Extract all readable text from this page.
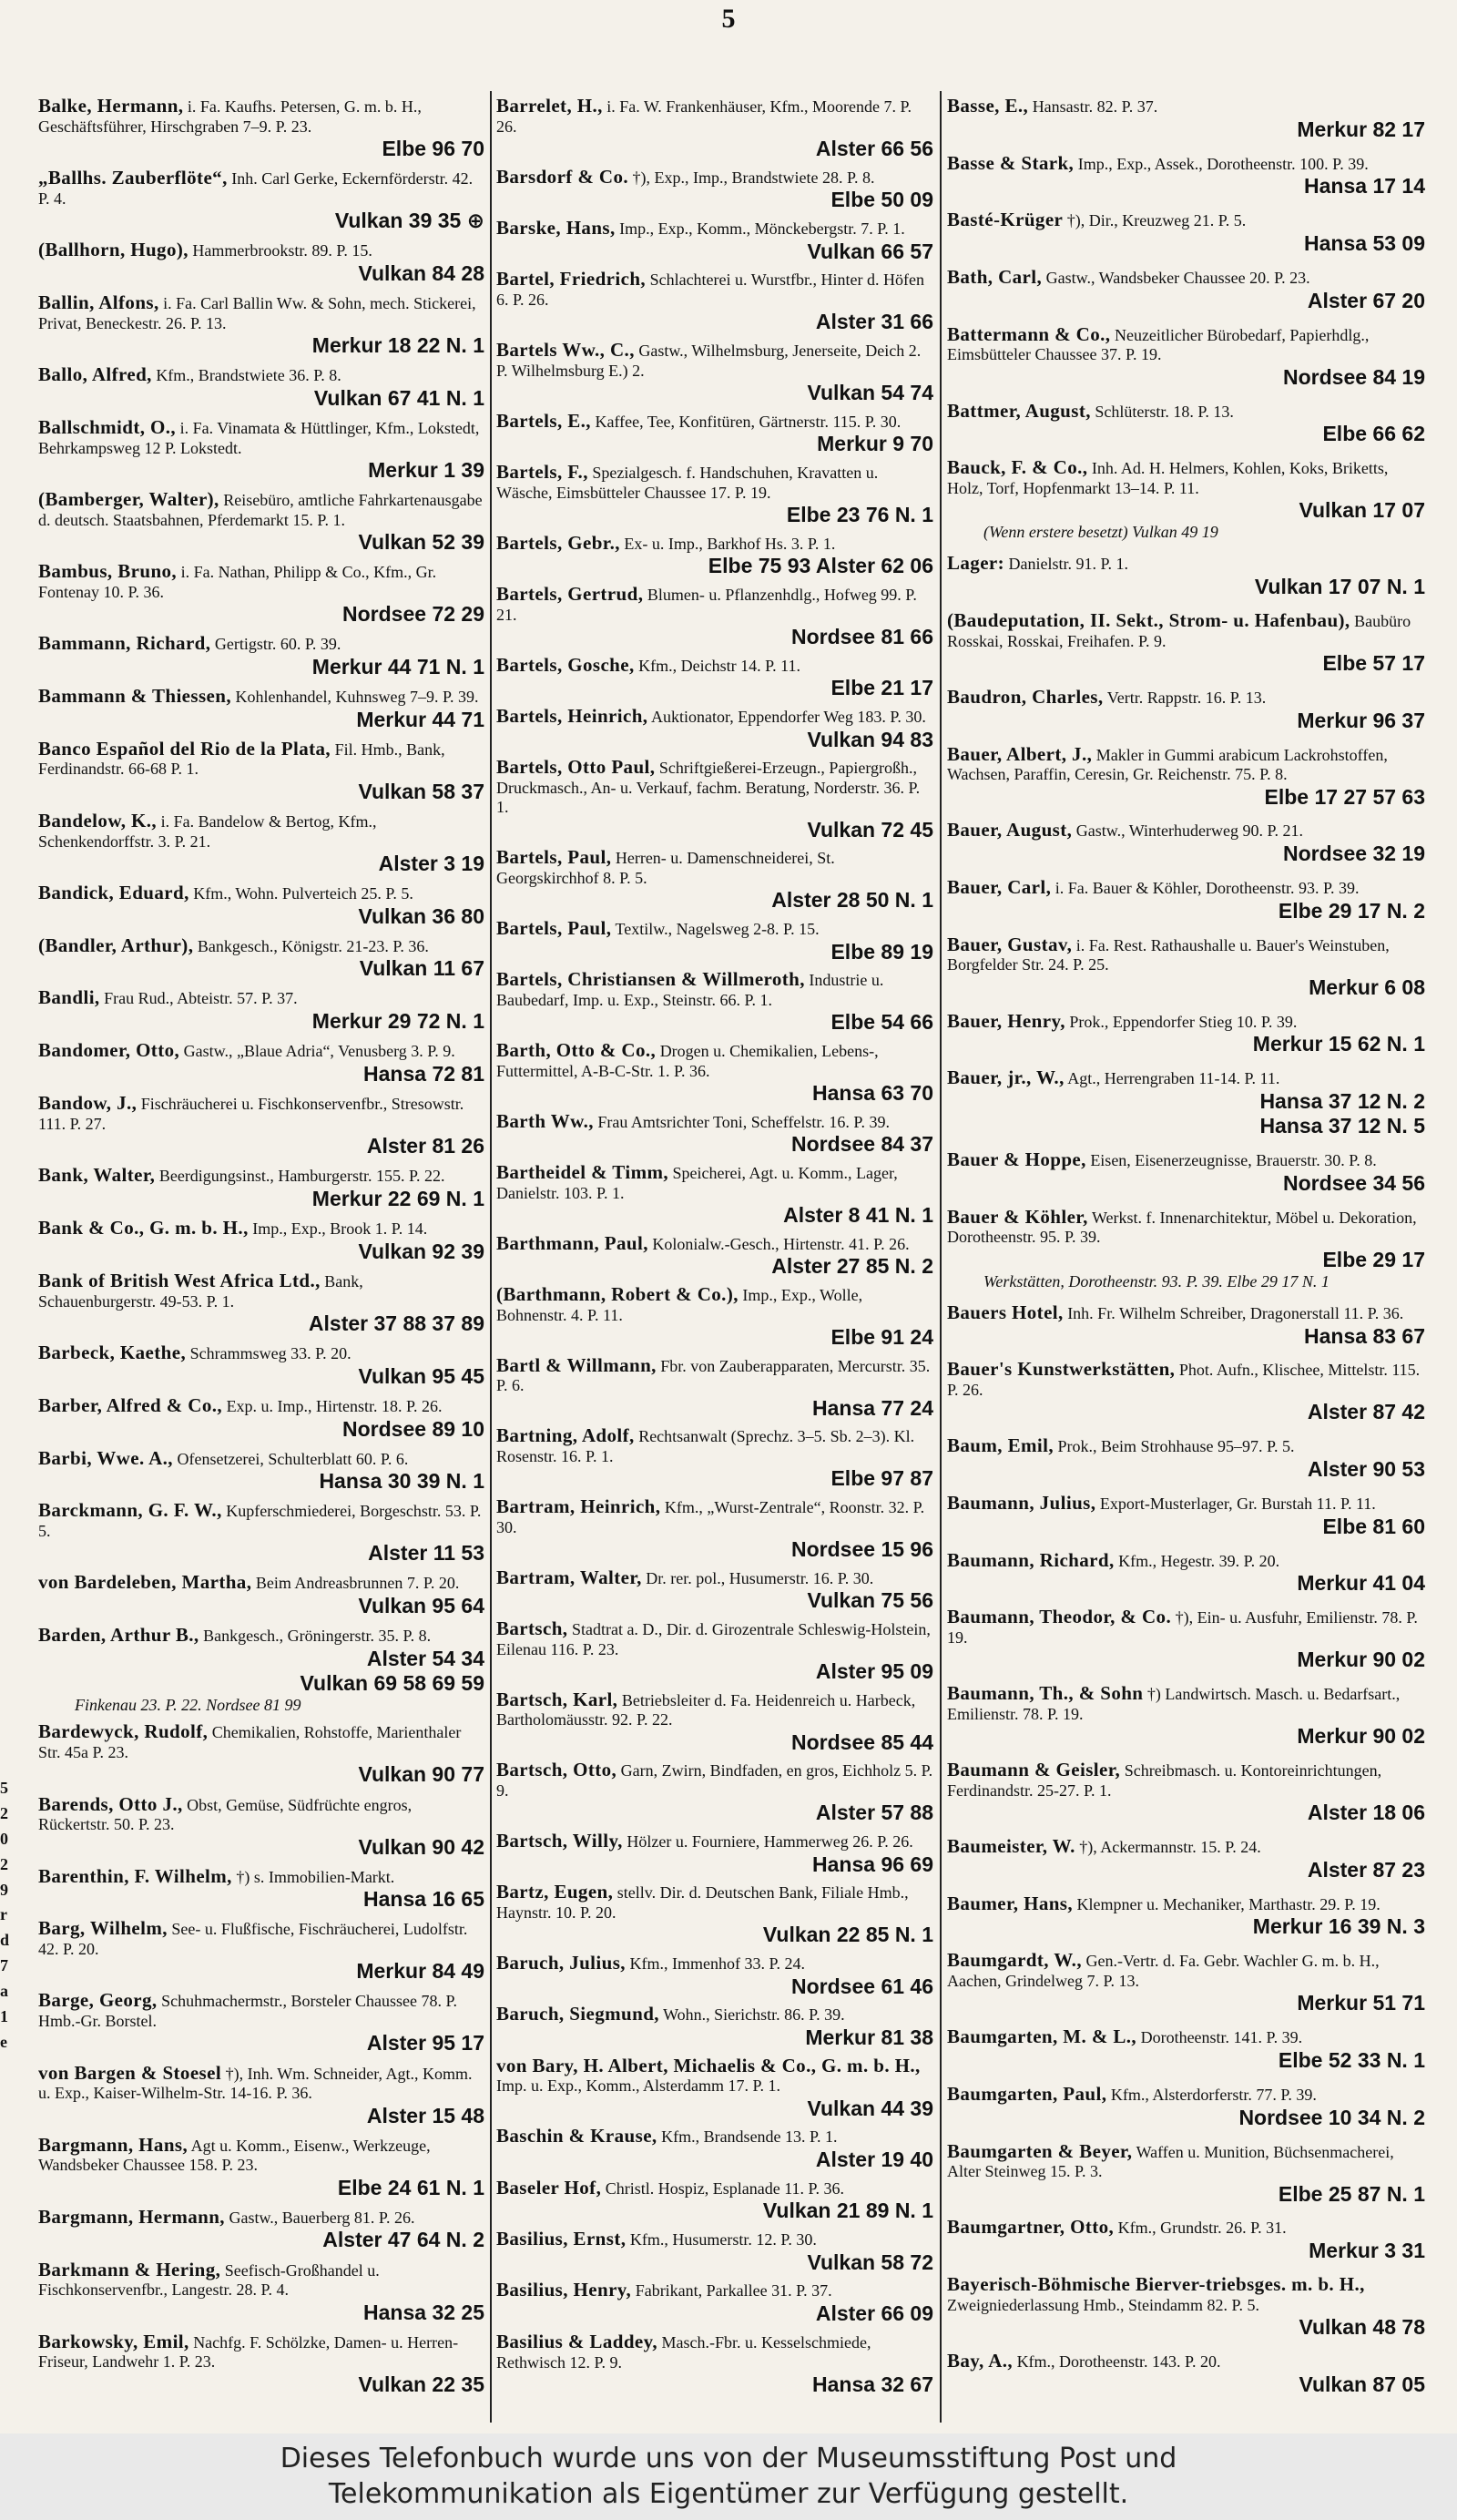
5
5
2
0
2
9
r
d
7
a
1
e
Balke, Hermann, i. Fa. Kaufhs. Petersen, G. m. b. H., Geschäftsführer, Hirschgraben 7–9. P. 23.
Elbe 96 70
„Ballhs. Zauberflöte“, Inh. Carl Gerke, Eckernförderstr. 42. P. 4.
Vulkan 39 35 ⊕
(Ballhorn, Hugo), Hammerbrookstr. 89. P. 15.
Vulkan 84 28
Ballin, Alfons, i. Fa. Carl Ballin Ww. & Sohn, mech. Stickerei, Privat, Beneckestr. 26. P. 13.
Merkur 18 22 N. 1
Ballo, Alfred, Kfm., Brandstwiete 36. P. 8.
Vulkan 67 41 N. 1
Ballschmidt, O., i. Fa. Vinamata & Hüttlinger, Kfm., Lokstedt, Behrkampsweg 12 P. Lokstedt.
Merkur 1 39
(Bamberger, Walter), Reisebüro, amtliche Fahrkartenausgabe d. deutsch. Staatsbahnen, Pferdemarkt 15. P. 1.
Vulkan 52 39
Bambus, Bruno, i. Fa. Nathan, Philipp & Co., Kfm., Gr. Fontenay 10. P. 36.
Nordsee 72 29
Bammann, Richard, Gertigstr. 60. P. 39.
Merkur 44 71 N. 1
Bammann & Thiessen, Kohlenhandel, Kuhnsweg 7–9. P. 39.
Merkur 44 71
Banco Español del Rio de la Plata, Fil. Hmb., Bank, Ferdinandstr. 66-68 P. 1.
Vulkan 58 37
Bandelow, K., i. Fa. Bandelow & Bertog, Kfm., Schenkendorffstr. 3. P. 21.
Alster 3 19
Bandick, Eduard, Kfm., Wohn. Pulverteich 25. P. 5.
Vulkan 36 80
(Bandler, Arthur), Bankgesch., Königstr. 21-23. P. 36.
Vulkan 11 67
Bandli, Frau Rud., Abteistr. 57. P. 37.
Merkur 29 72 N. 1
Bandomer, Otto, Gastw., „Blaue Adria“, Venusberg 3. P. 9.
Hansa 72 81
Bandow, J., Fischräucherei u. Fischkonservenfbr., Stresowstr. 111. P. 27.
Alster 81 26
Bank, Walter, Beerdigungsinst., Hamburgerstr. 155. P. 22.
Merkur 22 69 N. 1
Bank & Co., G. m. b. H., Imp., Exp., Brook 1. P. 14.
Vulkan 92 39
Bank of British West Africa Ltd., Bank, Schauenburgerstr. 49-53. P. 1.
Alster 37 88 37 89
Barbeck, Kaethe, Schrammsweg 33. P. 20.
Vulkan 95 45
Barber, Alfred & Co., Exp. u. Imp., Hirtenstr. 18. P. 26.
Nordsee 89 10
Barbi, Wwe. A., Ofensetzerei, Schulterblatt 60. P. 6.
Hansa 30 39 N. 1
Barckmann, G. F. W., Kupferschmiederei, Borgeschstr. 53. P. 5.
Alster 11 53
von Bardeleben, Martha, Beim Andreasbrunnen 7. P. 20.
Vulkan 95 64
Barden, Arthur B., Bankgesch., Gröningerstr. 35. P. 8.
Alster 54 34
Vulkan 69 58 69 59
Finkenau 23. P. 22. Nordsee 81 99
Bardewyck, Rudolf, Chemikalien, Rohstoffe, Marienthaler Str. 45a P. 23.
Vulkan 90 77
Barends, Otto J., Obst, Gemüse, Südfrüchte engros, Rückertstr. 50. P. 23.
Vulkan 90 42
Barenthin, F. Wilhelm, †) s. Immobilien-Markt.
Hansa 16 65
Barg, Wilhelm, See- u. Flußfische, Fischräucherei, Ludolfstr. 42. P. 20.
Merkur 84 49
Barge, Georg, Schuhmachermstr., Borsteler Chaussee 78. P. Hmb.-Gr. Borstel.
Alster 95 17
von Bargen & Stoesel †), Inh. Wm. Schneider, Agt., Komm. u. Exp., Kaiser-Wilhelm-Str. 14-16. P. 36.
Alster 15 48
Bargmann, Hans, Agt u. Komm., Eisenw., Werkzeuge, Wandsbeker Chaussee 158. P. 23.
Elbe 24 61 N. 1
Bargmann, Hermann, Gastw., Bauerberg 81. P. 26.
Alster 47 64 N. 2
Barkmann & Hering, Seefisch-Großhandel u. Fischkonservenfbr., Langestr. 28. P. 4.
Hansa 32 25
Barkowsky, Emil, Nachfg. F. Schölzke, Damen- u. Herren-Friseur, Landwehr 1. P. 23.
Vulkan 22 35
Barrelet, H., i. Fa. W. Frankenhäuser, Kfm., Moorende 7. P. 26.
Alster 66 56
Barsdorf & Co. †), Exp., Imp., Brandstwiete 28. P. 8.
Elbe 50 09
Barske, Hans, Imp., Exp., Komm., Mönckebergstr. 7. P. 1.
Vulkan 66 57
Bartel, Friedrich, Schlachterei u. Wurstfbr., Hinter d. Höfen 6. P. 26.
Alster 31 66
Bartels Ww., C., Gastw., Wilhelmsburg, Jenerseite, Deich 2. P. Wilhelmsburg E.) 2.
Vulkan 54 74
Bartels, E., Kaffee, Tee, Konfitüren, Gärtnerstr. 115. P. 30.
Merkur 9 70
Bartels, F., Spezialgesch. f. Handschuhen, Kravatten u. Wäsche, Eimsbütteler Chaussee 17. P. 19.
Elbe 23 76 N. 1
Bartels, Gebr., Ex- u. Imp., Barkhof Hs. 3. P. 1.
Elbe 75 93 Alster 62 06
Bartels, Gertrud, Blumen- u. Pflanzenhdlg., Hofweg 99. P. 21.
Nordsee 81 66
Bartels, Gosche, Kfm., Deichstr 14. P. 11.
Elbe 21 17
Bartels, Heinrich, Auktionator, Eppendorfer Weg 183. P. 30.
Vulkan 94 83
Bartels, Otto Paul, Schriftgießerei-Erzeugn., Papiergroßh., Druckmasch., An- u. Verkauf, fachm. Beratung, Norderstr. 36. P. 1.
Vulkan 72 45
Bartels, Paul, Herren- u. Damenschneiderei, St. Georgskirchhof 8. P. 5.
Alster 28 50 N. 1
Bartels, Paul, Textilw., Nagelsweg 2-8. P. 15.
Elbe 89 19
Bartels, Christiansen & Willmeroth, Industrie u. Baubedarf, Imp. u. Exp., Steinstr. 66. P. 1.
Elbe 54 66
Barth, Otto & Co., Drogen u. Chemikalien, Lebens-, Futtermittel, A-B-C-Str. 1. P. 36.
Hansa 63 70
Barth Ww., Frau Amtsrichter Toni, Scheffelstr. 16. P. 39.
Nordsee 84 37
Bartheidel & Timm, Speicherei, Agt. u. Komm., Lager, Danielstr. 103. P. 1.
Alster 8 41 N. 1
Barthmann, Paul, Kolonialw.-Gesch., Hirtenstr. 41. P. 26.
Alster 27 85 N. 2
(Barthmann, Robert & Co.), Imp., Exp., Wolle, Bohnenstr. 4. P. 11.
Elbe 91 24
Bartl & Willmann, Fbr. von Zauberapparaten, Mercurstr. 35. P. 6.
Hansa 77 24
Bartning, Adolf, Rechtsanwalt (Sprechz. 3–5. Sb. 2–3). Kl. Rosenstr. 16. P. 1.
Elbe 97 87
Bartram, Heinrich, Kfm., „Wurst-Zentrale“, Roonstr. 32. P. 30.
Nordsee 15 96
Bartram, Walter, Dr. rer. pol., Husumerstr. 16. P. 30.
Vulkan 75 56
Bartsch, Stadtrat a. D., Dir. d. Girozentrale Schleswig-Holstein, Eilenau 116. P. 23.
Alster 95 09
Bartsch, Karl, Betriebsleiter d. Fa. Heidenreich u. Harbeck, Bartholomäusstr. 92. P. 22.
Nordsee 85 44
Bartsch, Otto, Garn, Zwirn, Bindfaden, en gros, Eichholz 5. P. 9.
Alster 57 88
Bartsch, Willy, Hölzer u. Fourniere, Hammerweg 26. P. 26.
Hansa 96 69
Bartz, Eugen, stellv. Dir. d. Deutschen Bank, Filiale Hmb., Haynstr. 10. P. 20.
Vulkan 22 85 N. 1
Baruch, Julius, Kfm., Immenhof 33. P. 24.
Nordsee 61 46
Baruch, Siegmund, Wohn., Sierichstr. 86. P. 39.
Merkur 81 38
von Bary, H. Albert, Michaelis & Co., G. m. b. H., Imp. u. Exp., Komm., Alsterdamm 17. P. 1.
Vulkan 44 39
Baschin & Krause, Kfm., Brandsende 13. P. 1.
Alster 19 40
Baseler Hof, Christl. Hospiz, Esplanade 11. P. 36.
Vulkan 21 89 N. 1
Basilius, Ernst, Kfm., Husumerstr. 12. P. 30.
Vulkan 58 72
Basilius, Henry, Fabrikant, Parkallee 31. P. 37.
Alster 66 09
Basilius & Laddey, Masch.-Fbr. u. Kesselschmiede, Rethwisch 12. P. 9.
Hansa 32 67
Basse, E., Hansastr. 82. P. 37.
Merkur 82 17
Basse & Stark, Imp., Exp., Assek., Dorotheenstr. 100. P. 39.
Hansa 17 14
Basté-Krüger †), Dir., Kreuzweg 21. P. 5.
Hansa 53 09
Bath, Carl, Gastw., Wandsbeker Chaussee 20. P. 23.
Alster 67 20
Battermann & Co., Neuzeitlicher Bürobedarf, Papierhdlg., Eimsbütteler Chaussee 37. P. 19.
Nordsee 84 19
Battmer, August, Schlüterstr. 18. P. 13.
Elbe 66 62
Bauck, F. & Co., Inh. Ad. H. Helmers, Kohlen, Koks, Briketts, Holz, Torf, Hopfenmarkt 13–14. P. 11.
Vulkan 17 07
(Wenn erstere besetzt) Vulkan 49 19
Lager: Danielstr. 91. P. 1.
Vulkan 17 07 N. 1
(Baudeputation, II. Sekt., Strom- u. Hafenbau), Baubüro Rosskai, Rosskai, Freihafen. P. 9.
Elbe 57 17
Baudron, Charles, Vertr. Rappstr. 16. P. 13.
Merkur 96 37
Bauer, Albert, J., Makler in Gummi arabicum Lackrohstoffen, Wachsen, Paraffin, Ceresin, Gr. Reichenstr. 75. P. 8.
Elbe 17 27 57 63
Bauer, August, Gastw., Winterhuderweg 90. P. 21.
Nordsee 32 19
Bauer, Carl, i. Fa. Bauer & Köhler, Dorotheenstr. 93. P. 39.
Elbe 29 17 N. 2
Bauer, Gustav, i. Fa. Rest. Rathaushalle u. Bauer's Weinstuben, Borgfelder Str. 24. P. 25.
Merkur 6 08
Bauer, Henry, Prok., Eppendorfer Stieg 10. P. 39.
Merkur 15 62 N. 1
Bauer, jr., W., Agt., Herrengraben 11-14. P. 11.
Hansa 37 12 N. 2
Hansa 37 12 N. 5
Bauer & Hoppe, Eisen, Eisenerzeugnisse, Brauerstr. 30. P. 8.
Nordsee 34 56
Bauer & Köhler, Werkst. f. Innenarchitektur, Möbel u. Dekoration, Dorotheenstr. 95. P. 39.
Elbe 29 17
Werkstätten, Dorotheenstr. 93. P. 39. Elbe 29 17 N. 1
Bauers Hotel, Inh. Fr. Wilhelm Schreiber, Dragonerstall 11. P. 36.
Hansa 83 67
Bauer's Kunstwerkstätten, Phot. Aufn., Klischee, Mittelstr. 115. P. 26.
Alster 87 42
Baum, Emil, Prok., Beim Strohhause 95–97. P. 5.
Alster 90 53
Baumann, Julius, Export-Musterlager, Gr. Burstah 11. P. 11.
Elbe 81 60
Baumann, Richard, Kfm., Hegestr. 39. P. 20.
Merkur 41 04
Baumann, Theodor, & Co. †), Ein- u. Ausfuhr, Emilienstr. 78. P. 19.
Merkur 90 02
Baumann, Th., & Sohn †) Landwirtsch. Masch. u. Bedarfsart., Emilienstr. 78. P. 19.
Merkur 90 02
Baumann & Geisler, Schreibmasch. u. Kontoreinrichtungen, Ferdinandstr. 25-27. P. 1.
Alster 18 06
Baumeister, W. †), Ackermannstr. 15. P. 24.
Alster 87 23
Baumer, Hans, Klempner u. Mechaniker, Marthastr. 29. P. 19.
Merkur 16 39 N. 3
Baumgardt, W., Gen.-Vertr. d. Fa. Gebr. Wachler G. m. b. H., Aachen, Grindelweg 7. P. 13.
Merkur 51 71
Baumgarten, M. & L., Dorotheenstr. 141. P. 39.
Elbe 52 33 N. 1
Baumgarten, Paul, Kfm., Alsterdorferstr. 77. P. 39.
Nordsee 10 34 N. 2
Baumgarten & Beyer, Waffen u. Munition, Büchsenmacherei, Alter Steinweg 15. P. 3.
Elbe 25 87 N. 1
Baumgartner, Otto, Kfm., Grundstr. 26. P. 31.
Merkur 3 31
Bayerisch-Böhmische Bierver-triebsges. m. b. H., Zweigniederlassung Hmb., Steindamm 82. P. 5.
Vulkan 48 78
Bay, A., Kfm., Dorotheenstr. 143. P. 20.
Vulkan 87 05
Dieses Telefonbuch wurde uns von der Museumsstiftung Post und
Telekommunikation als Eigentümer zur Verfügung gestellt.
